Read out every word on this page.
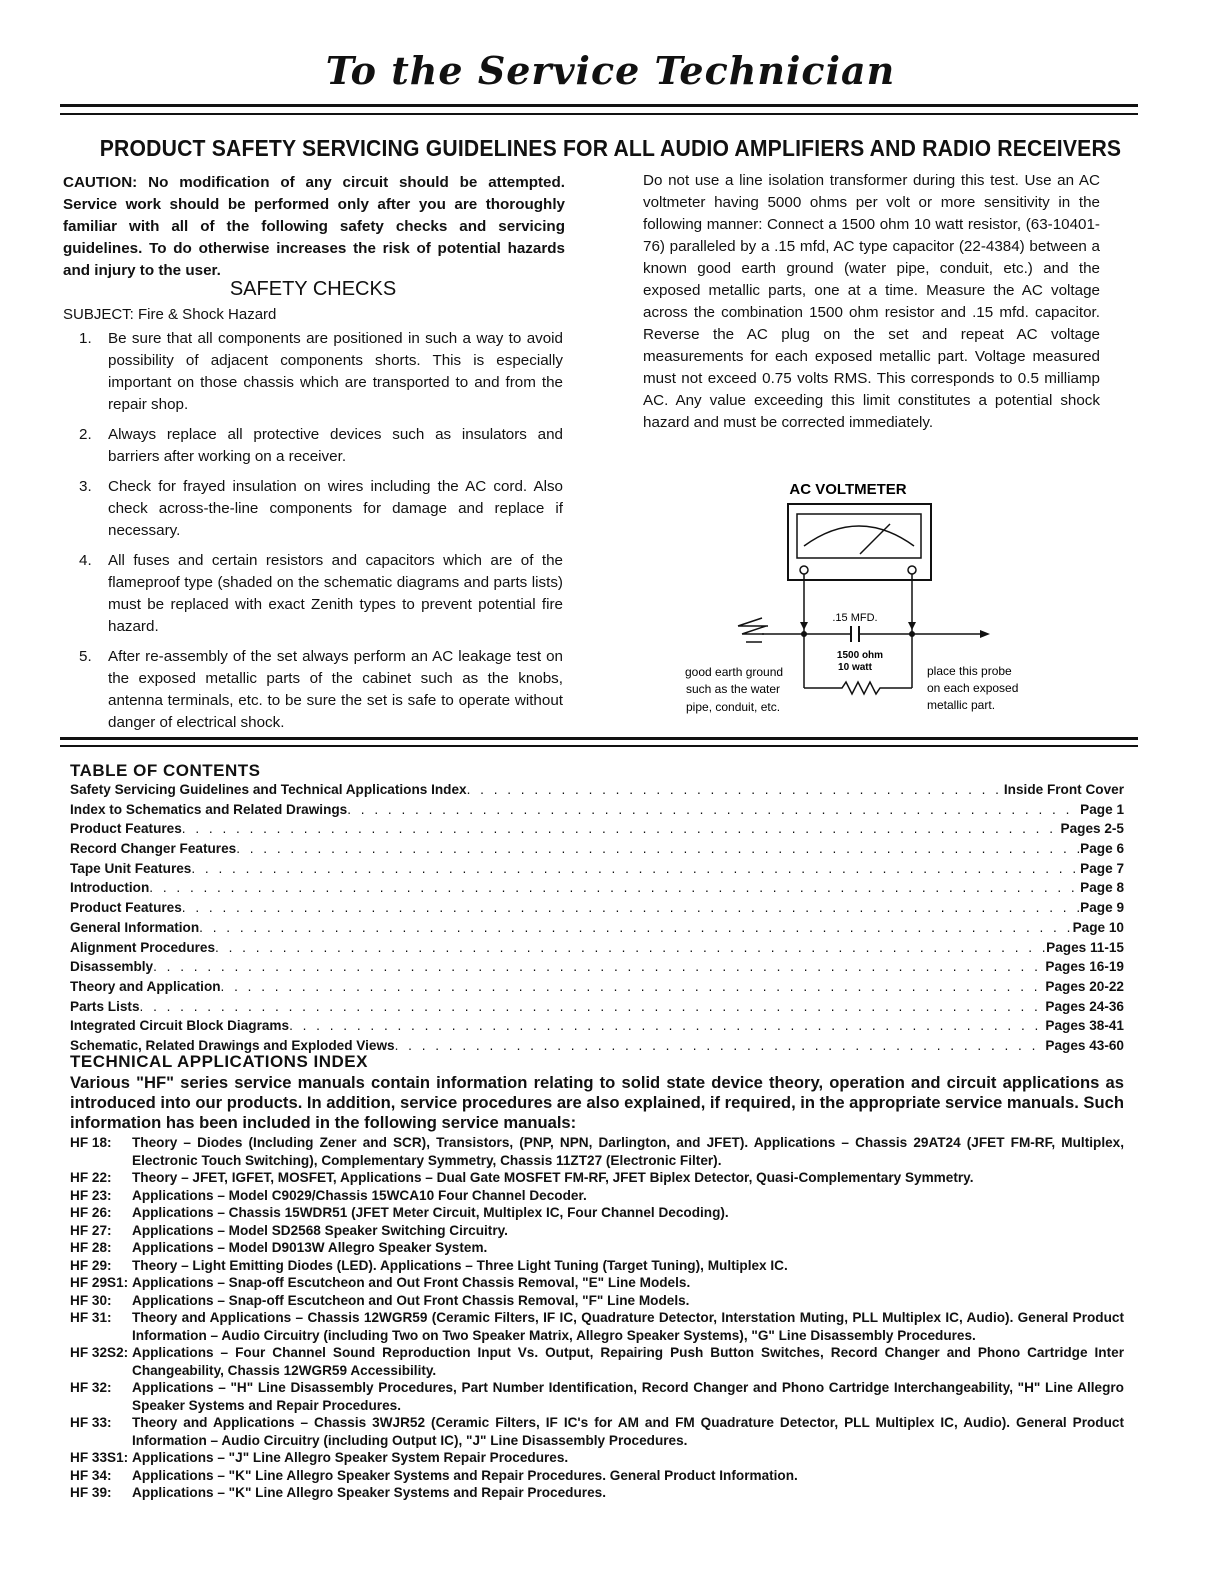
To the Service Technician
PRODUCT SAFETY SERVICING GUIDELINES FOR ALL AUDIO AMPLIFIERS AND RADIO RECEIVERS
CAUTION: No modification of any circuit should be attempted. Service work should be performed only after you are thoroughly familiar with all of the following safety checks and servicing guidelines. To do otherwise increases the risk of potential hazards and injury to the user.
SAFETY CHECKS
SUBJECT: Fire & Shock Hazard
1. Be sure that all components are positioned in such a way to avoid possibility of adjacent components shorts. This is especially important on those chassis which are transported to and from the repair shop.
2. Always replace all protective devices such as insulators and barriers after working on a receiver.
3. Check for frayed insulation on wires including the AC cord. Also check across-the-line components for damage and replace if necessary.
4. All fuses and certain resistors and capacitors which are of the flameproof type (shaded on the schematic diagrams and parts lists) must be replaced with exact Zenith types to prevent potential fire hazard.
5. After re-assembly of the set always perform an AC leakage test on the exposed metallic parts of the cabinet such as the knobs, antenna terminals, etc. to be sure the set is safe to operate without danger of electrical shock.
Do not use a line isolation transformer during this test. Use an AC voltmeter having 5000 ohms per volt or more sensitivity in the following manner: Connect a 1500 ohm 10 watt resistor, (63-10401-76) paralleled by a .15 mfd, AC type capacitor (22-4384) between a known good earth ground (water pipe, conduit, etc.) and the exposed metallic parts, one at a time. Measure the AC voltage across the combination 1500 ohm resistor and .15 mfd. capacitor. Reverse the AC plug on the set and repeat AC voltage measurements for each exposed metallic part. Voltage measured must not exceed 0.75 volts RMS. This corresponds to 0.5 milliamp AC. Any value exceeding this limit constitutes a potential shock hazard and must be corrected immediately.
AC VOLTMETER
.15 MFD.
1500 ohm
10 watt
good earth ground
such as the water
pipe, conduit, etc.
place this probe
on each exposed
metallic part.
TABLE OF CONTENTS
Safety Servicing Guidelines and Technical Applications Index . . .	Inside Front Cover
Index to Schematics and Related Drawings . . .	Page 1
Product Features . . .	Pages 2-5
Record Changer Features . . .	Page 6
Tape Unit Features . . .	Page 7
Introduction . . .	Page 8
Product Features . . .	Page 9
General Information . . .	Page 10
Alignment Procedures . . .	Pages 11-15
Disassembly . . .	Pages 16-19
Theory and Application . . .	Pages 20-22
Parts Lists . . .	Pages 24-36
Integrated Circuit Block Diagrams . . .	Pages 38-41
Schematic, Related Drawings and Exploded Views . . .	Pages 43-60
TECHNICAL APPLICATIONS INDEX
Various "HF" series service manuals contain information relating to solid state device theory, operation and circuit applications as introduced into our products. In addition, service procedures are also explained, if required, in the appropriate service manuals. Such information has been included in the following service manuals:
HF 18: Theory – Diodes (Including Zener and SCR), Transistors, (PNP, NPN, Darlington, and JFET). Applications – Chassis 29AT24 (JFET FM-RF, Multiplex, Electronic Touch Switching), Complementary Symmetry, Chassis 11ZT27 (Electronic Filter).
HF 22: Theory – JFET, IGFET, MOSFET, Applications – Dual Gate MOSFET FM-RF, JFET Biplex Detector, Quasi-Complementary Symmetry.
HF 23: Applications – Model C9029/Chassis 15WCA10 Four Channel Decoder.
HF 26: Applications – Chassis 15WDR51 (JFET Meter Circuit, Multiplex IC, Four Channel Decoding).
HF 27: Applications – Model SD2568 Speaker Switching Circuitry.
HF 28: Applications – Model D9013W Allegro Speaker System.
HF 29: Theory – Light Emitting Diodes (LED). Applications – Three Light Tuning (Target Tuning), Multiplex IC.
HF 29S1: Applications – Snap-off Escutcheon and Out Front Chassis Removal, "E" Line Models.
HF 30: Applications – Snap-off Escutcheon and Out Front Chassis Removal, "F" Line Models.
HF 31: Theory and Applications – Chassis 12WGR59 (Ceramic Filters, IF IC, Quadrature Detector, Interstation Muting, PLL Multiplex IC, Audio). General Product Information – Audio Circuitry (including Two on Two Speaker Matrix, Allegro Speaker Systems), "G" Line Disassembly Procedures.
HF 32S2: Applications – Four Channel Sound Reproduction Input Vs. Output, Repairing Push Button Switches, Record Changer and Phono Cartridge Inter Changeability, Chassis 12WGR59 Accessibility.
HF 32: Applications – "H" Line Disassembly Procedures, Part Number Identification, Record Changer and Phono Cartridge Interchangeability, "H" Line Allegro Speaker Systems and Repair Procedures.
HF 33: Theory and Applications – Chassis 3WJR52 (Ceramic Filters, IF IC's for AM and FM Quadrature Detector, PLL Multiplex IC, Audio). General Product Information – Audio Circuitry (including Output IC), "J" Line Disassembly Procedures.
HF 33S1: Applications – "J" Line Allegro Speaker System Repair Procedures.
HF 34: Applications – "K" Line Allegro Speaker Systems and Repair Procedures. General Product Information.
HF 39: Applications – "K" Line Allegro Speaker Systems and Repair Procedures.
